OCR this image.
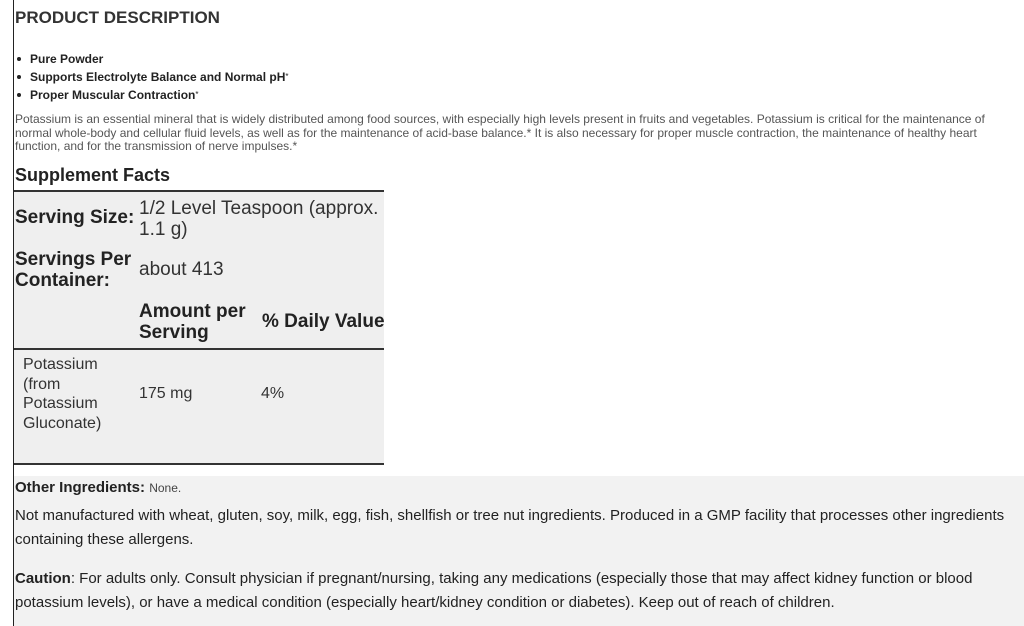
PRODUCT DESCRIPTION
Pure Powder
Supports Electrolyte Balance and Normal pH *
Proper Muscular Contraction *

Potassium is an essential mineral that is widely distributed among food sources, with especially high levels present in fruits and vegetables. Potassium is critical for the maintenance of normal whole-body and cellular fluid levels, as well as for the maintenance of acid-base balance.* It is also necessary for proper muscle contraction, the maintenance of healthy heart function, and for the transmission of nerve impulses.*

Supplement Facts
Serving Size: 1/2 Level Teaspoon (approx. 1.1 g)
Servings Per Container:
about 413
Amount per Serving
% Daily Value
Potassium (from Potassium Gluconate)
175 mg	4%
Other Ingredients: None.

Not manufactured with wheat, gluten, soy, milk, egg, fish, shellfish or tree nut ingredients. Produced in a GMP facility that processes other ingredients containing these allergens.

Caution: For adults only. Consult physician if pregnant/nursing, taking any medications (especially those that may affect kidney function or blood potassium levels), or have a medical condition (especially heart/kidney condition or diabetes). Keep out of reach of children.
